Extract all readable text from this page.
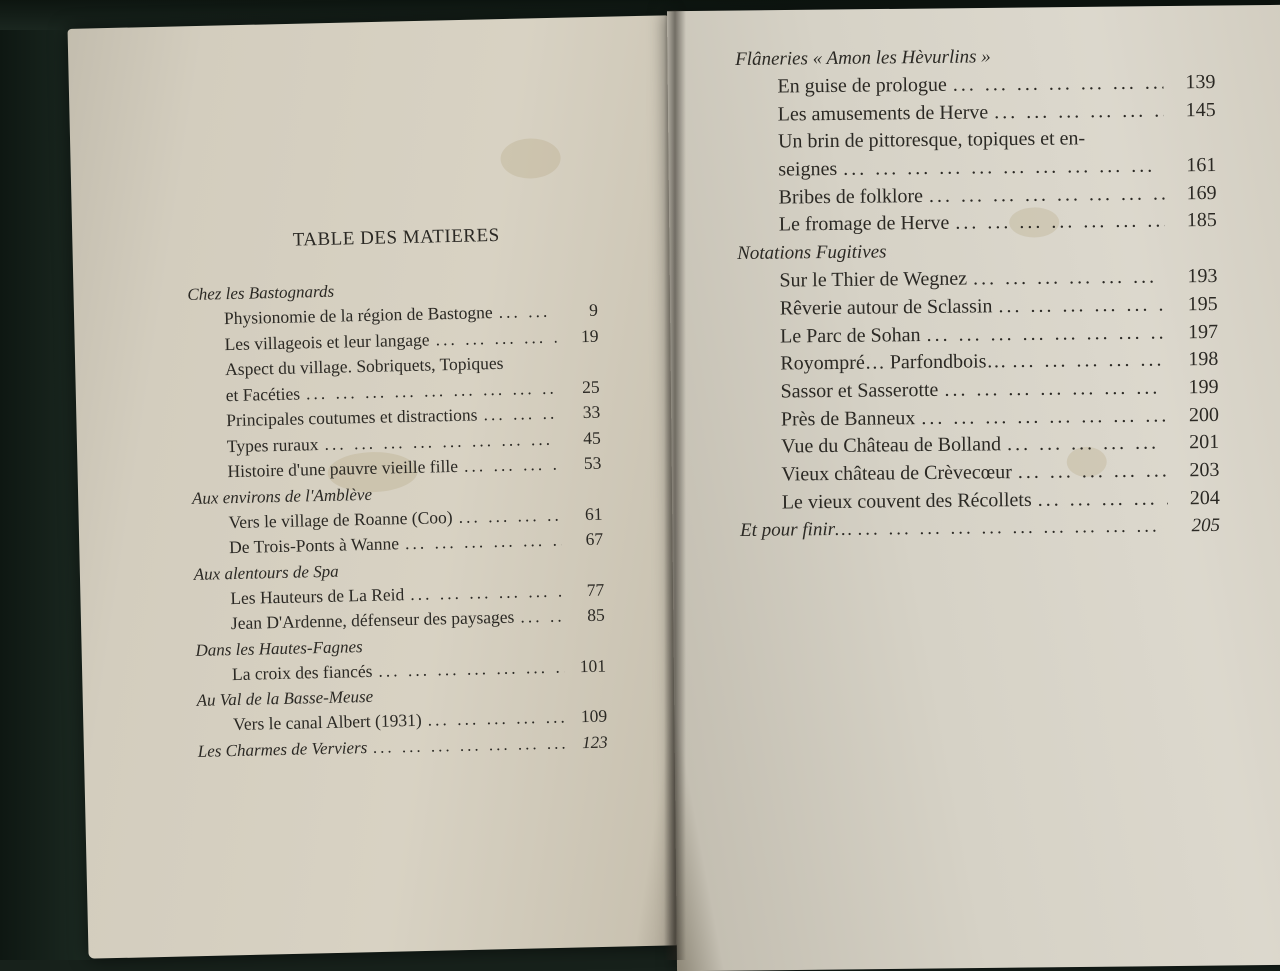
TABLE DES MATIERES
Chez les Bastognards
Physionomie de la région de Bastogne ... .	9
Les villageois et leur langage ... .	19
Aspect du village. Sobriquets, Topiques
et Facéties ... .	25
Principales coutumes et distractions ... .	33
Types ruraux ... .	45
Histoire d'une pauvre vieille fille ... .	53
Aux environs de l'Amblève
Vers le village de Roanne (Coo) ... .	61
De Trois-Ponts à Wanne ... .	67
Aux alentours de Spa
Les Hauteurs de La Reid ... .	77
Jean D'Ardenne, défenseur des paysages ... .	85
Dans les Hautes-Fagnes
La croix des fiancés ... .	101
Au Val de la Basse-Meuse
Vers le canal Albert (1931) ... .	109
Les Charmes de Verviers ... .	123
Flâneries « Amon les Hèvurlins »
En guise de prologue ... .	139
Les amusements de Herve ... .	145
Un brin de pittoresque, topiques et en-
seignes ... .	161
Bribes de folklore ... .	169
Le fromage de Herve ... .	185
Notations Fugitives
Sur le Thier de Wegnez ... .	193
Rêverie autour de Sclassin ... .	195
Le Parc de Sohan ... .	197
Royompré… Parfondbois… ... .	198
Sassor et Sasserotte ... .	199
Près de Banneux ... .	200
Vue du Château de Bolland ... .	201
Vieux château de Crèvecœur ... .	203
Le vieux couvent des Récollets ... .	204
Et pour finir… ... .	205
